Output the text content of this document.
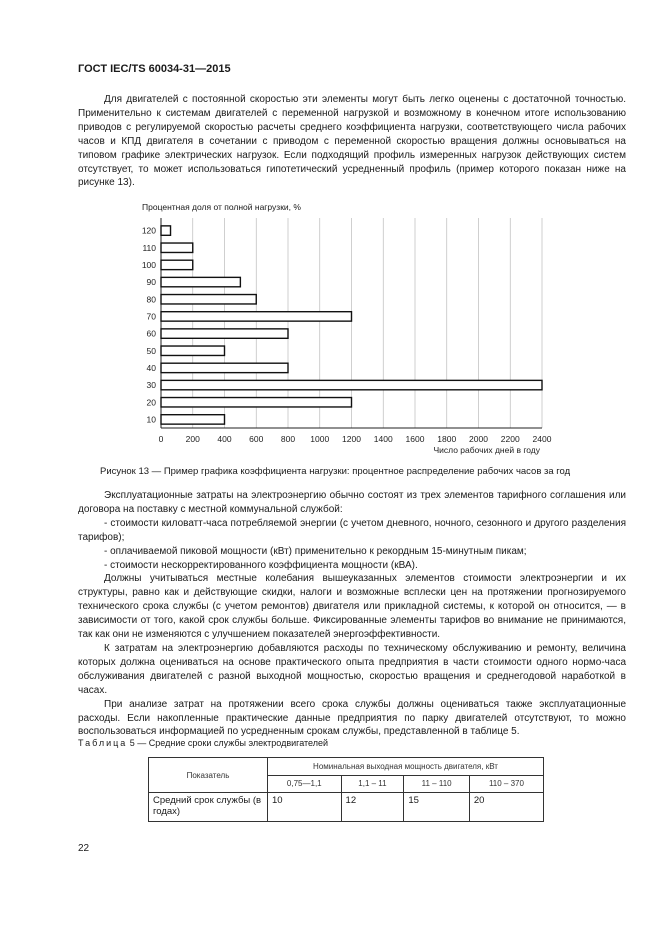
ГОСТ IEC/TS 60034-31—2015

Для двигателей с постоянной скоростью эти элементы могут быть легко оценены с достаточной точностью. Применительно к системам двигателей с переменной нагрузкой и возможному в конечном итоге использованию приводов с регулируемой скоростью расчеты среднего коэффициента нагрузки, соответствующего числа рабочих часов и КПД двигателя в сочетании с приводом с переменной скоростью вращения должны основываться на типовом графике электрических нагрузок. Если подходящий профиль измеренных нагрузок действующих систем отсутствует, то может использоваться гипотетический усредненный профиль (пример которого показан ниже на рисунке 13).

Процентная доля от полной нагрузки, %
120
110
100
90
80
70
60
50
40
30
20
10
0	200 400 600 800 1000 1200 1400 1600 1800 2000 2200 2400
Число рабочих дней в году
Рисунок 13 — Пример графика коэффициента нагрузки: процентное распределение рабочих часов за год

Эксплуатационные затраты на электроэнергию обычно состоят из трех элементов тарифного соглашения или договора на поставку с местной коммунальной службой:

- стоимости киловатт-часа потребляемой энергии (с учетом дневного, ночного, сезонного и другого разделения тарифов);

- оплачиваемой пиковой мощности (кВт) применительно к рекордным 15-минутным пикам;

- стоимости нескорректированного коэффициента мощности (кВА).

Должны учитываться местные колебания вышеуказанных элементов стоимости электроэнергии и их структуры, равно как и действующие скидки, налоги и возможные всплески цен на протяжении прогнозируемого технического срока службы (с учетом ремонтов) двигателя или прикладной системы, к которой он относится, — в зависимости от того, какой срок службы больше. Фиксированные элементы тарифов во внимание не принимаются, так как они не изменяются с улучшением показателей энергоэффективности.

К затратам на электроэнергию добавляются расходы по техническому обслуживанию и ремонту, величина которых должна оцениваться на основе практического опыта предприятия в части стоимости одного нормо-часа обслуживания двигателей с разной выходной мощностью, скоростью вращения и среднегодовой наработкой в часах.

При анализе затрат на протяжении всего срока службы должны оцениваться также эксплуатационные расходы. Если накопленные практические данные предприятия по парку двигателей отсутствуют, то можно воспользоваться информацией по усредненным срокам службы, представленной в таблице 5.

Таблица 5 — Средние сроки службы электродвигателей
Показатель	Номинальная выходная мощность двигателя, кВт			
	0,75—1,1	1,1 – 11	11 – 110	110 – 370
Средний срок службы (в годах)	10	12	15	20
22
